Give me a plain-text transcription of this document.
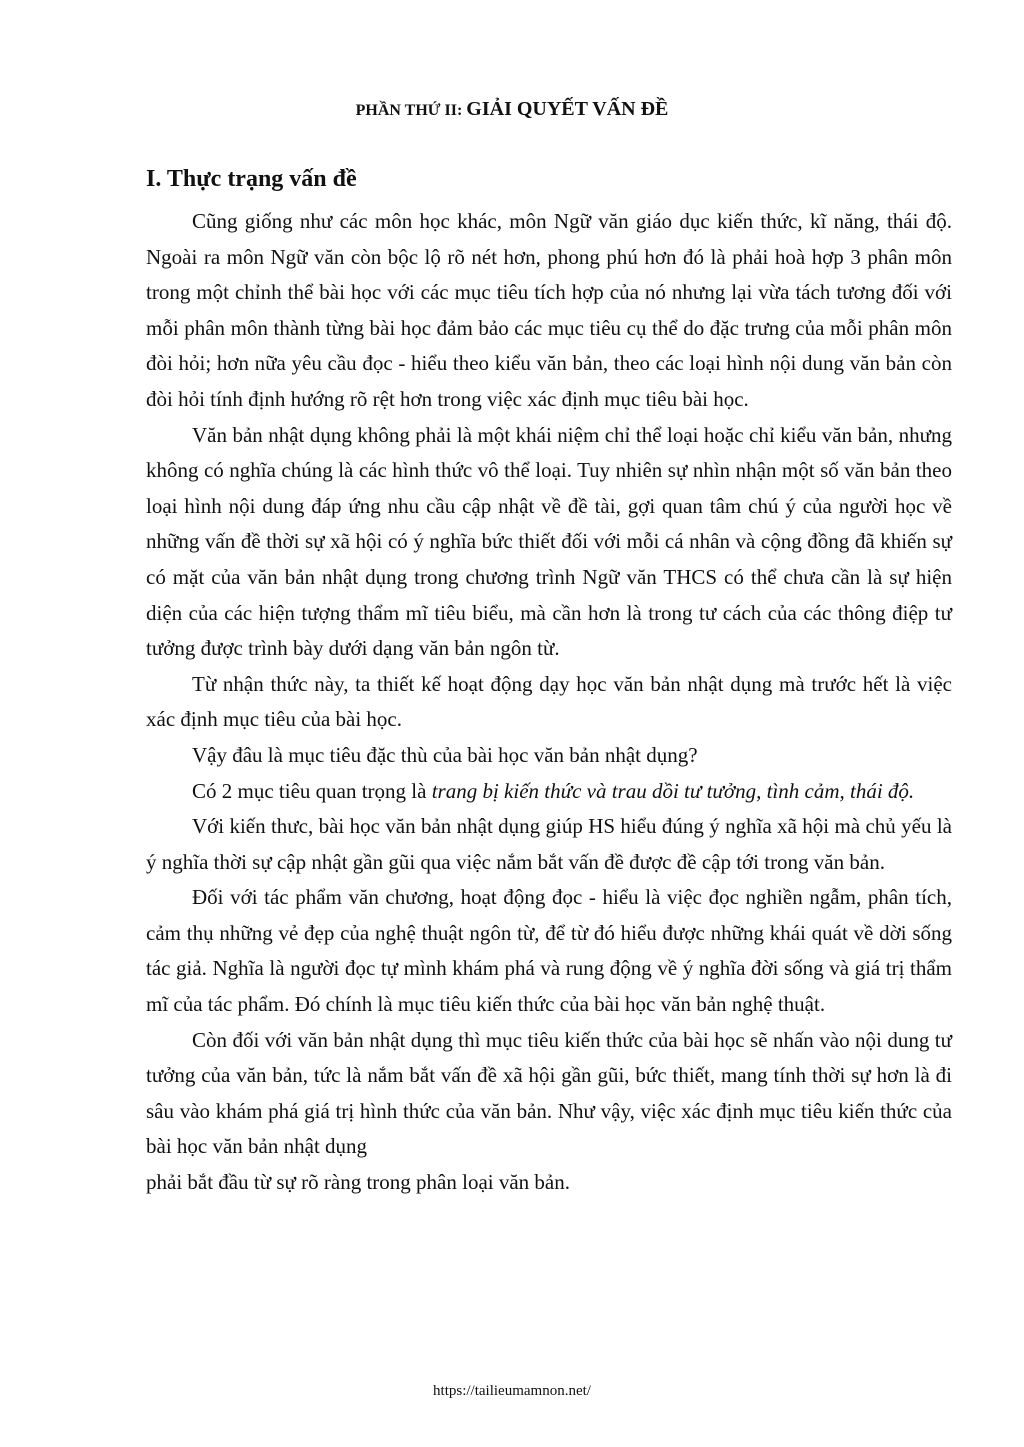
PHẦN THỨ II: GIẢI QUYẾT VẤN ĐỀ
I. Thực trạng vấn đề

Cũng giống như các môn học khác, môn Ngữ văn giáo dục kiến thức, kĩ năng, thái độ. Ngoài ra môn Ngữ văn còn bộc lộ rõ nét hơn, phong phú hơn đó là phải hoà hợp 3 phân môn trong một chỉnh thể bài học với các mục tiêu tích hợp của nó nhưng lại vừa tách tương đối với mỗi phân môn thành từng bài học đảm bảo các mục tiêu cụ thể do đặc trưng của mỗi phân môn đòi hỏi; hơn nữa yêu cầu đọc - hiểu theo kiểu văn bản, theo các loại hình nội dung văn bản còn đòi hỏi tính định hướng rõ rệt hơn trong việc xác định mục tiêu bài học.

Văn bản nhật dụng không phải là một khái niệm chỉ thể loại hoặc chỉ kiểu văn bản, nhưng không có nghĩa chúng là các hình thức vô thể loại. Tuy nhiên sự nhìn nhận một số văn bản theo loại hình nội dung đáp ứng nhu cầu cập nhật về đề tài, gợi quan tâm chú ý của người học về những vấn đề thời sự xã hội có ý nghĩa bức thiết đối với mỗi cá nhân và cộng đồng đã khiến sự có mặt của văn bản nhật dụng trong chương trình Ngữ văn THCS có thể chưa cần là sự hiện diện của các hiện tượng thẩm mĩ tiêu biểu, mà cần hơn là trong tư cách của các thông điệp tư tưởng được trình bày dưới dạng văn bản ngôn từ.

Từ nhận thức này, ta thiết kế hoạt động dạy học văn bản nhật dụng mà trước hết là việc xác định mục tiêu của bài học.

Vậy đâu là mục tiêu đặc thù của bài học văn bản nhật dụng?

Có 2 mục tiêu quan trọng là trang bị kiến thức và trau dồi tư tưởng, tình cảm, thái độ.

Với kiến thưc, bài học văn bản nhật dụng giúp HS hiểu đúng ý nghĩa xã hội mà chủ yếu là ý nghĩa thời sự cập nhật gần gũi qua việc nắm bắt vấn đề được đề cập tới trong văn bản.

Đối với tác phẩm văn chương, hoạt động đọc - hiểu là việc đọc nghiền ngẫm, phân tích, cảm thụ những vẻ đẹp của nghệ thuật ngôn từ, để từ đó hiểu được những khái quát về dời sống tác giả. Nghĩa là người đọc tự mình khám phá và rung động về ý nghĩa đời sống và giá trị thẩm mĩ của tác phẩm. Đó chính là mục tiêu kiến thức của bài học văn bản nghệ thuật.

Còn đối với văn bản nhật dụng thì mục tiêu kiến thức của bài học sẽ nhấn vào nội dung tư tưởng của văn bản, tức là nắm bắt vấn đề xã hội gần gũi, bức thiết, mang tính thời sự hơn là đi sâu vào khám phá giá trị hình thức của văn bản. Như vậy, việc xác định mục tiêu kiến thức của bài học văn bản nhật dụng

phải bắt đầu từ sự rõ ràng trong phân loại văn bản.

https://tailieumamnon.net/
